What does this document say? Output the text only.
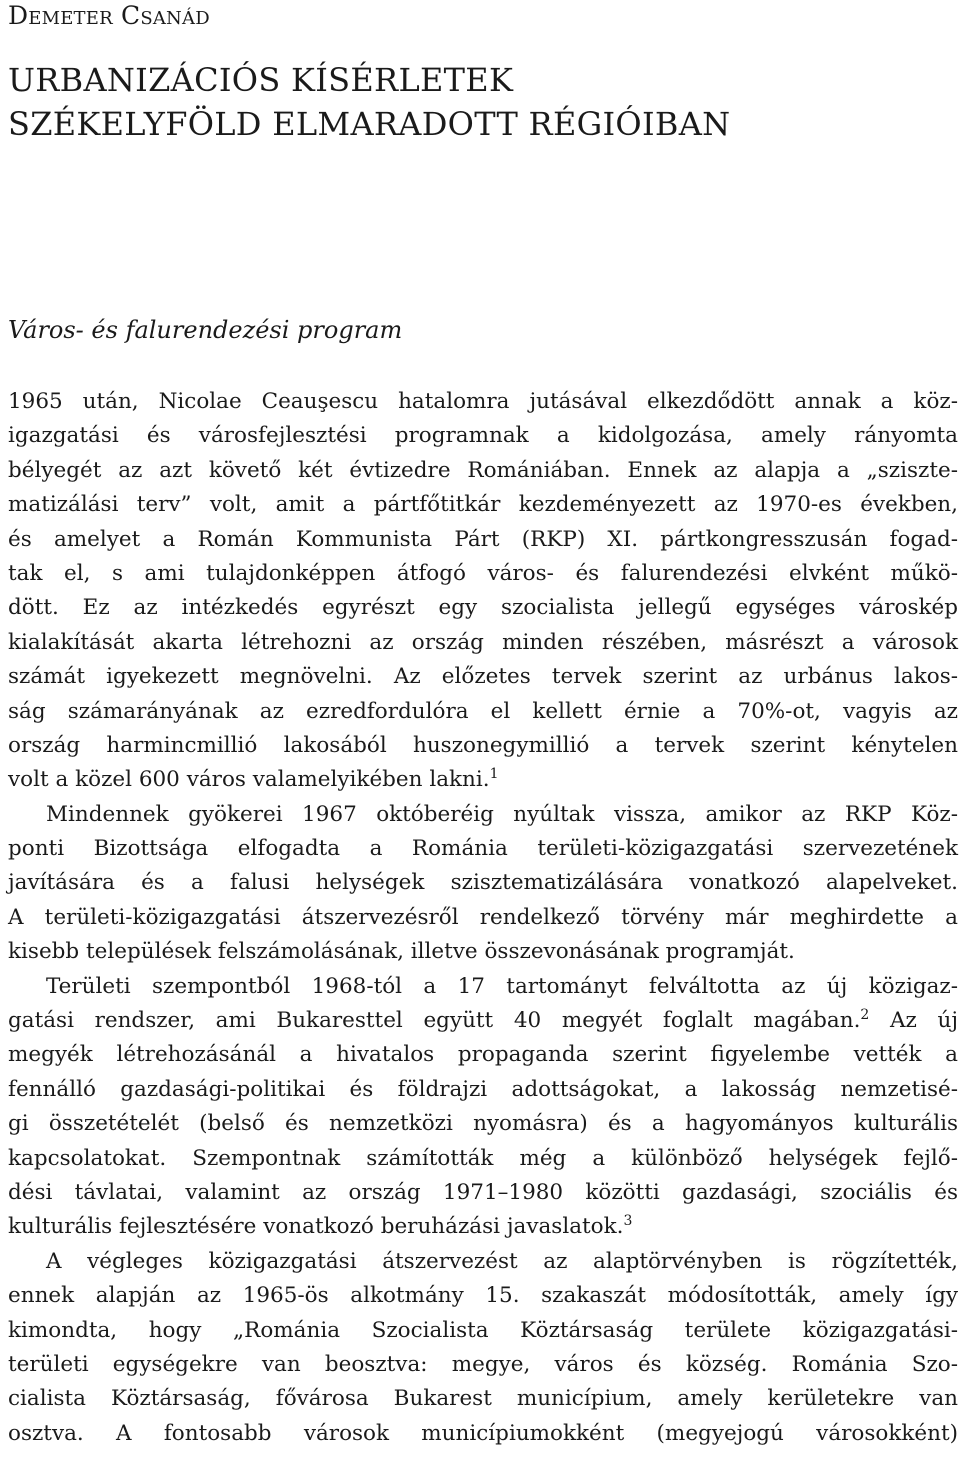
Demeter Csanád
URBANIZÁCIÓS KÍSÉRLETEK
SZÉKELYFÖLD ELMARADOTT RÉGIÓIBAN
Város- és falurendezési program
1965 után, Nicolae Ceauşescu hatalomra jutásával elkezdődött annak a köz-
igazgatási és városfejlesztési programnak a kidolgozása, amely rányomta
bélyegét az azt követő két évtizedre Romániában. Ennek az alapja a „szisztе-
matizálási terv” volt, amit a pártfőtitkár kezdeményezett az 1970-es években,
és amelyet a Román Kommunista Párt (RKP) XI. pártkongresszusán fogad-
tak el, s ami tulajdonképpen átfogó város- és falurendezési elvként műkö-
dött. Ez az intézkedés egyrészt egy szocialista jellegű egységes városkép
kialakítását akarta létrehozni az ország minden részében, másrészt a városok
számát igyekezett megnövelni. Az előzetes tervek szerint az urbánus lakos-
ság számarányának az ezredfordulóra el kellett érnie a 70%-ot, vagyis az
ország harmincmillió lakosából huszonegymillió a tervek szerint kénytelen
volt a közel 600 város valamelyikében lakni.$^1$
Mindennek gyökerei 1967 októberéig nyúltak vissza, amikor az RKP Köz-
ponti Bizottsága elfogadta a Románia területi-közigazgatási szervezetének
javítására és a falusi helységek szisztematizálására vonatkozó alapelveket.
A területi-közigazgatási átszervezésről rendelkező törvény már meghirdette a
kisebb települések felszámolásának, illetve összevonásának programját.
Területi szempontból 1968-tól a 17 tartományt felváltotta az új közigaz-
gatási rendszer, ami Bukaresttel együtt 40 megyét foglalt magában.$^2$ Az új
megyék létrehozásánál a hivatalos propaganda szerint figyelembe vették a
fennálló gazdasági-politikai és földrajzi adottságokat, a lakosság nemzetisé-
gi összetételét (belső és nemzetközi nyomásra) és a hagyományos kulturális
kapcsolatokat. Szempontnak számították még a különböző helységek fejlő-
dési távlatai, valamint az ország 1971–1980 közötti gazdasági, szociális és
kulturális fejlesztésére vonatkozó beruházási javaslatok.$^3$
A végleges közigazgatási átszervezést az alaptörvényben is rögzítették,
ennek alapján az 1965-ös alkotmány 15. szakaszát módosították, amely így
kimondta, hogy „Románia Szocialista Köztársaság területe közigazgatási-
területi egységekre van beosztva: megye, város és község. Románia Szo-
cialista Köztársaság, fővárosa Bukarest municípium, amely kerületekre van
osztva. A fontosabb városok municípiumokként (megyejogú városokként)
